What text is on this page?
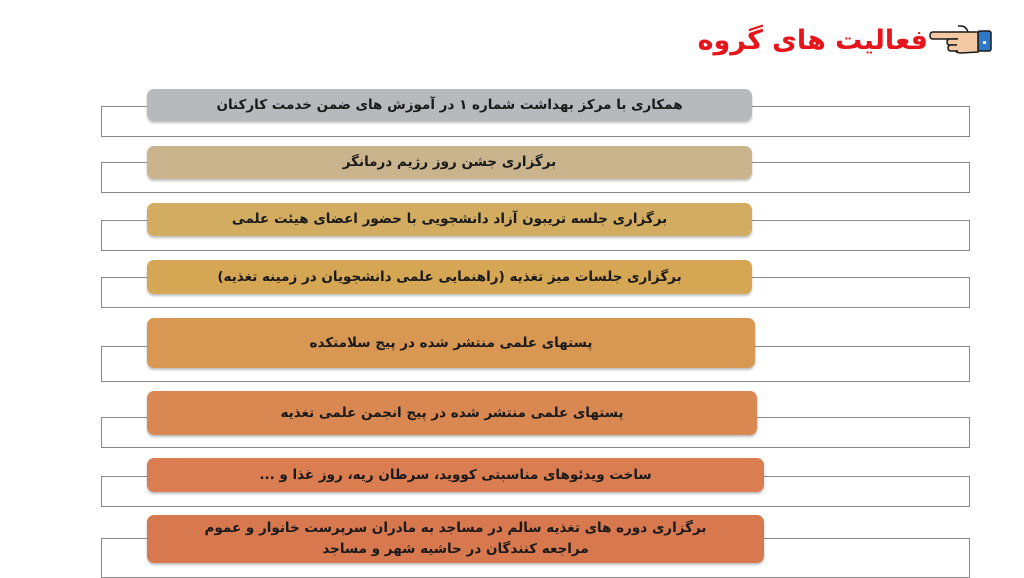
فعالیت های گروه
همکاری با مرکز بهداشت شماره ۱ در آموزش های ضمن خدمت کارکنان
برگزاری جشن روز رژیم درمانگر
برگزاری جلسه تریبون آزاد دانشجویی با حضور اعضای هیئت علمی
برگزاری جلسات میز تغذیه (راهنمایی علمی دانشجویان در زمینه تغذیه)
پستهای علمی منتشر شده در پیج سلامتکده
پستهای علمی منتشر شده در پیج انجمن علمی تغذیه
ساخت ویدئوهای مناسبتی کووید، سرطان ریه، روز غذا و ...
برگزاری دوره های تغذیه سالم در مساجد به مادران سرپرست خانوار و عموم مراجعه کنندگان در حاشیه شهر و مساجد
